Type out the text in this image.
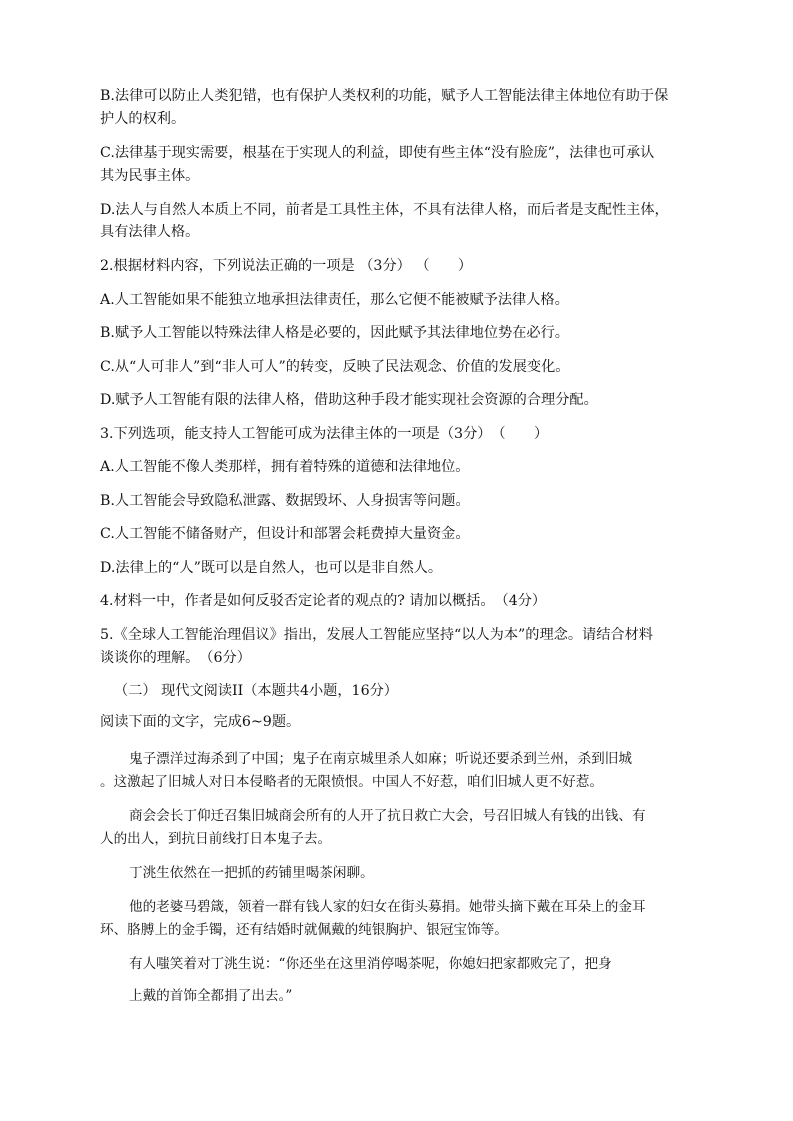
B.法律可以防止人类犯错，也有保护人类权利的功能，赋予人工智能法律主体地位有助于保
护人的权利。
C.法律基于现实需要，根基在于实现人的利益，即使有些主体“没有脸庞”，法律也可承认
其为民事主体。
D.法人与自然人本质上不同，前者是工具性主体，不具有法律人格，而后者是支配性主体，
具有法律人格。
2.根据材料内容，下列说法正确的一项是 （3分） （　　）
A.人工智能如果不能独立地承担法律责任，那么它便不能被赋予法律人格。
B.赋予人工智能以特殊法律人格是必要的，因此赋予其法律地位势在必行。
C.从“人可非人”到“非人可人”的转变，反映了民法观念、价值的发展变化。
D.赋予人工智能有限的法律人格，借助这种手段才能实现社会资源的合理分配。
3.下列选项，能支持人工智能可成为法律主体的一项是（3分）　（　　）
A.人工智能不像人类那样，拥有着特殊的道德和法律地位。
B.人工智能会导致隐私泄露、数据毁坏、人身损害等问题。
C.人工智能不储备财产，但设计和部署会耗费掉大量资金。
D.法律上的“人”既可以是自然人，也可以是非自然人。
4.材料一中，作者是如何反驳否定论者的观点的? 请加以概括。　（4分）
5.《全球人工智能治理倡议》指出，发展人工智能应坚持“以人为本”的理念。请结合材料
谈谈你的理解。　（6分）
（二） 现代文阅读II（本题共4小题，16分）
阅读下面的文字，完成6~9题。
鬼子漂洋过海杀到了中国；鬼子在南京城里杀人如麻；听说还要杀到兰州，杀到旧城
。这激起了旧城人对日本侵略者的无限愤恨。中国人不好惹，咱们旧城人更不好惹。
商会会长丁仰迁召集旧城商会所有的人开了抗日救亡大会，号召旧城人有钱的出钱、有
人的出人，到抗日前线打日本鬼子去。
丁洮生依然在一把抓的药铺里喝茶闲聊。
他的老婆马碧箴，领着一群有钱人家的妇女在街头募捐。她带头摘下戴在耳朵上的金耳
环、胳膊上的金手镯，还有结婚时就佩戴的纯银胸护、银冠宝饰等。
有人嗤笑着对丁洮生说：“你还坐在这里消停喝茶呢，你媳妇把家都败完了，把身
上戴的首饰全都捐了出去。”
